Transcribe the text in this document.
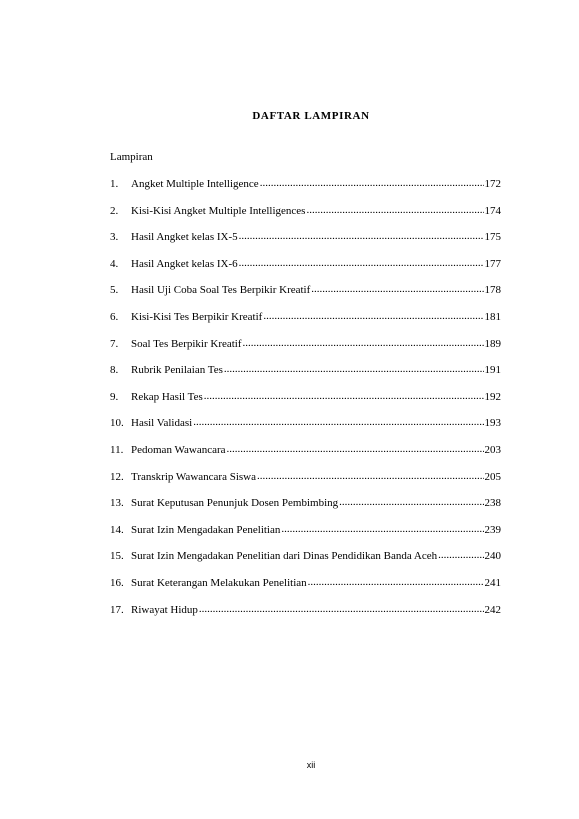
DAFTAR LAMPIRAN
Lampiran
1.	Angket Multiple Intelligence .....	172
2.	Kisi-Kisi Angket Multiple Intelligences .....	174
3.	Hasil Angket kelas IX-5 .....	175
4.	Hasil Angket kelas IX-6 .....	177
5.	Hasil Uji Coba Soal Tes Berpikir Kreatif .....	178
6.	Kisi-Kisi Tes Berpikir Kreatif .....	181
7.	Soal Tes Berpikir Kreatif .....	189
8.	Rubrik Penilaian Tes .....	191
9.	Rekap Hasil Tes .....	192
10. Hasil Validasi .....	193
11. Pedoman Wawancara .....	203
12. Transkrip Wawancara Siswa .....	205
13. Surat Keputusan Penunjuk Dosen Pembimbing .....	238
14. Surat Izin Mengadakan Penelitian .....	239
15. Surat Izin Mengadakan Penelitian dari Dinas Pendidikan Banda Aceh .....	240
16. Surat Keterangan Melakukan Penelitian .....	241
17. Riwayat Hidup .....	242
xii
